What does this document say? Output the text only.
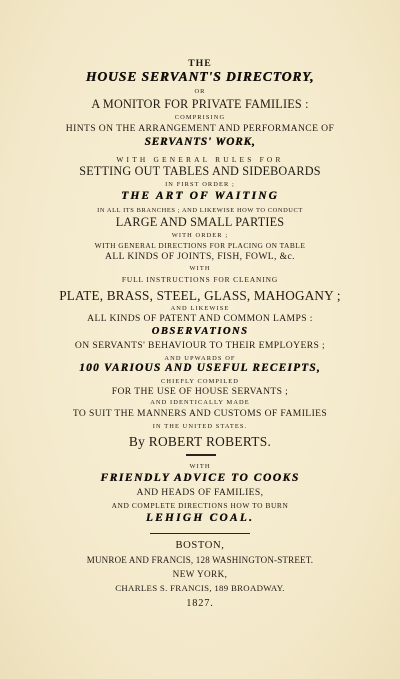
THE
HOUSE SERVANT'S DIRECTORY,
OR
A MONITOR FOR PRIVATE FAMILIES :
COMPRISING
HINTS ON THE ARRANGEMENT AND PERFORMANCE OF
SERVANTS' WORK,
WITH GENERAL RULES FOR
SETTING OUT TABLES AND SIDEBOARDS
IN FIRST ORDER ;
THE ART OF WAITING
IN ALL ITS BRANCHES ; AND LIKEWISE HOW TO CONDUCT
LARGE AND SMALL PARTIES
WITH ORDER ;
WITH GENERAL DIRECTIONS FOR PLACING ON TABLE
ALL KINDS OF JOINTS, FISH, FOWL, &c.
WITH
FULL INSTRUCTIONS FOR CLEANING
PLATE, BRASS, STEEL, GLASS, MAHOGANY ;
AND LIKEWISE
ALL KINDS OF PATENT AND COMMON LAMPS :
OBSERVATIONS
ON SERVANTS' BEHAVIOUR TO THEIR EMPLOYERS ;
AND UPWARDS OF
100 VARIOUS AND USEFUL RECEIPTS,
CHIEFLY COMPILED
FOR THE USE OF HOUSE SERVANTS ;
AND IDENTICALLY MADE
TO SUIT THE MANNERS AND CUSTOMS OF FAMILIES
IN THE UNITED STATES.
By ROBERT ROBERTS.
WITH
FRIENDLY ADVICE TO COOKS
AND HEADS OF FAMILIES,
AND COMPLETE DIRECTIONS HOW TO BURN
LEHIGH COAL.
BOSTON,
MUNROE AND FRANCIS, 128 WASHINGTON-STREET.
NEW YORK,
CHARLES S. FRANCIS, 189 BROADWAY.
1827.
